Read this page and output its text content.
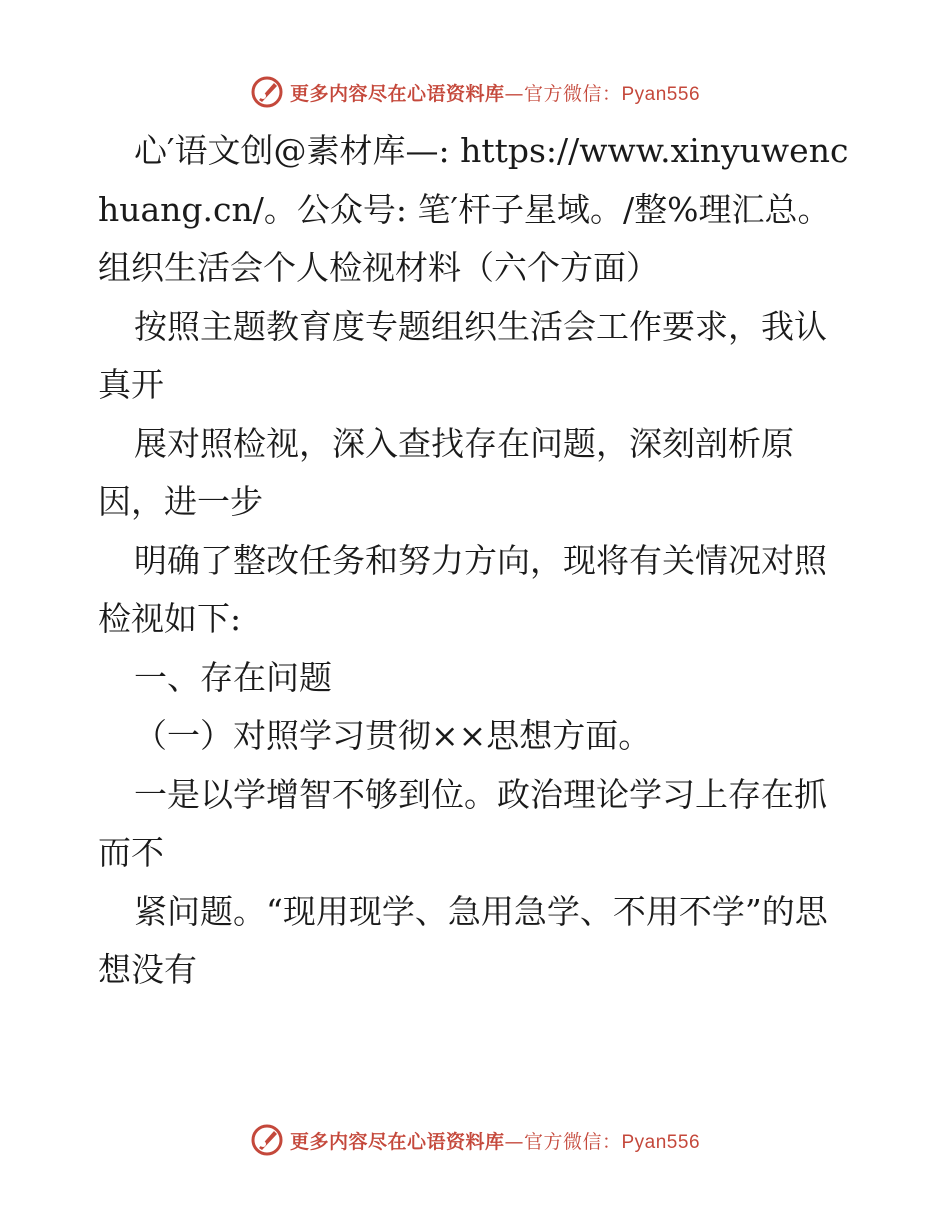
更多内容尽在心语资料库—官方微信：Pyan556

心′语文创@素材库—: https://www.xinyuwenchuang.cn/。公众号: 笔′杆子星域。/整%理汇总。组织生活会个人检视材料（六个方面）

按照主题教育度专题组织生活会工作要求，我认真开

展对照检视，深入查找存在问题，深刻剖析原因，进一步

明确了整改任务和努力方向，现将有关情况对照检视如下:

一、存在问题

（一）对照学习贯彻××思想方面。

一是以学增智不够到位。政治理论学习上存在抓而不

紧问题。“现用现学、急用急学、不用不学”的思想没有

更多内容尽在心语资料库—官方微信：Pyan556
